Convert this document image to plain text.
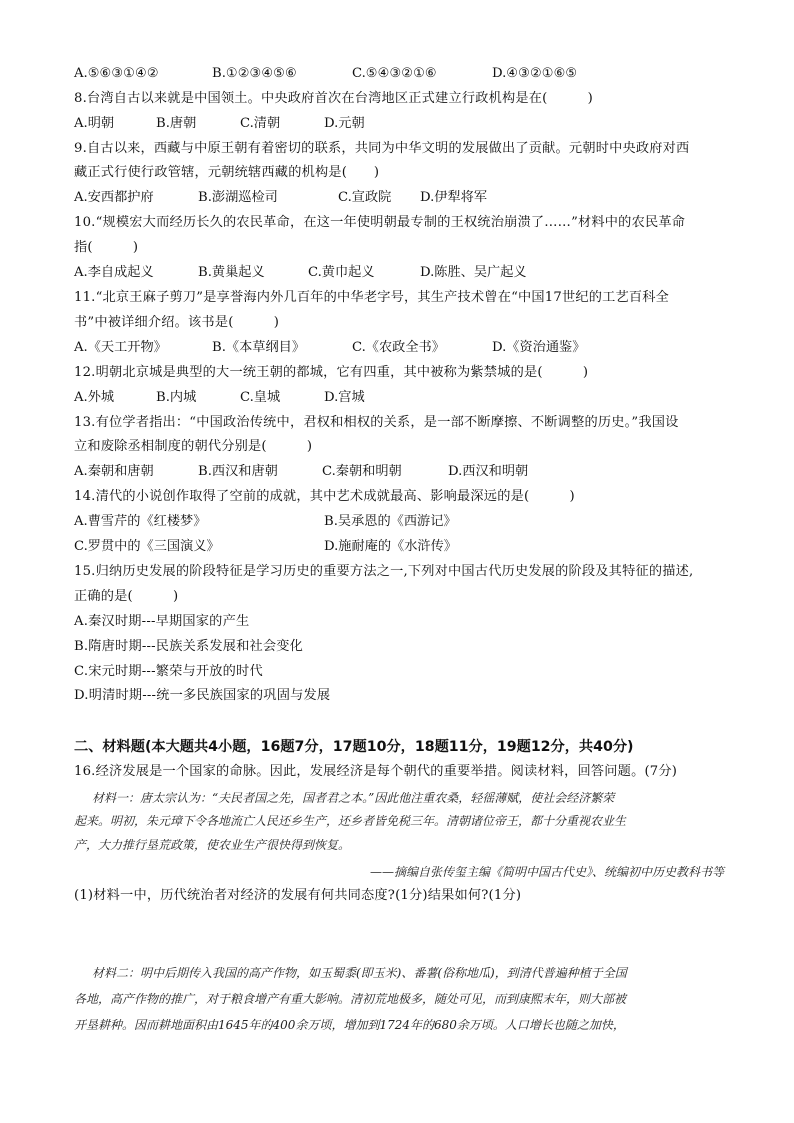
A.⑤⑥③①④②	B.①②③④⑤⑥	C.⑤④③②①⑥	D.④③②①⑥⑤
8.台湾自古以来就是中国领土。中央政府首次在台湾地区正式建立行政机构是在(　　　)
A.明朝	B.唐朝	C.清朝	D.元朝
9.自古以来，西藏与中原王朝有着密切的联系，共同为中华文明的发展做出了贡献。元朝时中央政府对西
藏正式行使行政管辖，元朝统辖西藏的机构是(　　)
A.安西都护府	B.澎湖巡检司	C.宣政院 D.伊犁将军
10.“规模宏大而经历长久的农民革命，在这一年使明朝最专制的王权统治崩溃了……”材料中的农民革命
指(　　　)
A.李自成起义	B.黄巢起义	C.黄巾起义	D.陈胜、吴广起义
11.“北京王麻子剪刀”是享誉海内外几百年的中华老字号，其生产技术曾在“中国17世纪的工艺百科全
书”中被详细介绍。该书是(　　　)
A.《天工开物》	B.《本草纲目》	C.《农政全书》	D.《资治通鉴》
12.明朝北京城是典型的大一统王朝的都城，它有四重，其中被称为紫禁城的是(　　　)
A.外城	B.内城	C.皇城	D.宫城
13.有位学者指出：“中国政治传统中，君权和相权的关系，是一部不断摩擦、不断调整的历史。”我国设
立和废除丞相制度的朝代分别是(　　　)
A.秦朝和唐朝	B.西汉和唐朝	C.秦朝和明朝	D.西汉和明朝
14.清代的小说创作取得了空前的成就，其中艺术成就最高、影响最深远的是(　　　)
A.曹雪芹的《红楼梦》	B.吴承恩的《西游记》
C.罗贯中的《三国演义》	D.施耐庵的《水浒传》
15.归纳历史发展的阶段特征是学习历史的重要方法之一,下列对中国古代历史发展的阶段及其特征的描述,
正确的是(　　　)
A.秦汉时期---早期国家的产生
B.隋唐时期---民族关系发展和社会变化
C.宋元时期---繁荣与开放的时代
D.明清时期---统一多民族国家的巩固与发展
二、材料题(本大题共4小题，16题7分，17题10分，18题11分，19题12分，共40分)
16.经济发展是一个国家的命脉。因此，发展经济是每个朝代的重要举措。阅读材料，回答问题。(7分)
材料一：唐太宗认为：“夫民者国之先，国者君之本。”因此他注重农桑，轻徭薄赋，使社会经济繁荣
起来。明初，朱元璋下令各地流亡人民还乡生产，还乡者皆免税三年。清朝诸位帝王，都十分重视农业生
产，大力推行垦荒政策，使农业生产很快得到恢复。
——摘编自张传玺主编《简明中国古代史》、统编初中历史教科书等
(1)材料一中，历代统治者对经济的发展有何共同态度?(1分)结果如何?(1分)
材料二：明中后期传入我国的高产作物，如玉蜀黍(即玉米)、番薯(俗称地瓜)，到清代普遍种植于全国
各地，高产作物的推广，对于粮食增产有重大影响。清初荒地极多，随处可见，而到康熙末年，则大部被
开垦耕种。因而耕地面积由1645年的400余万顷，增加到1724年的680余万顷。人口增长也随之加快，
